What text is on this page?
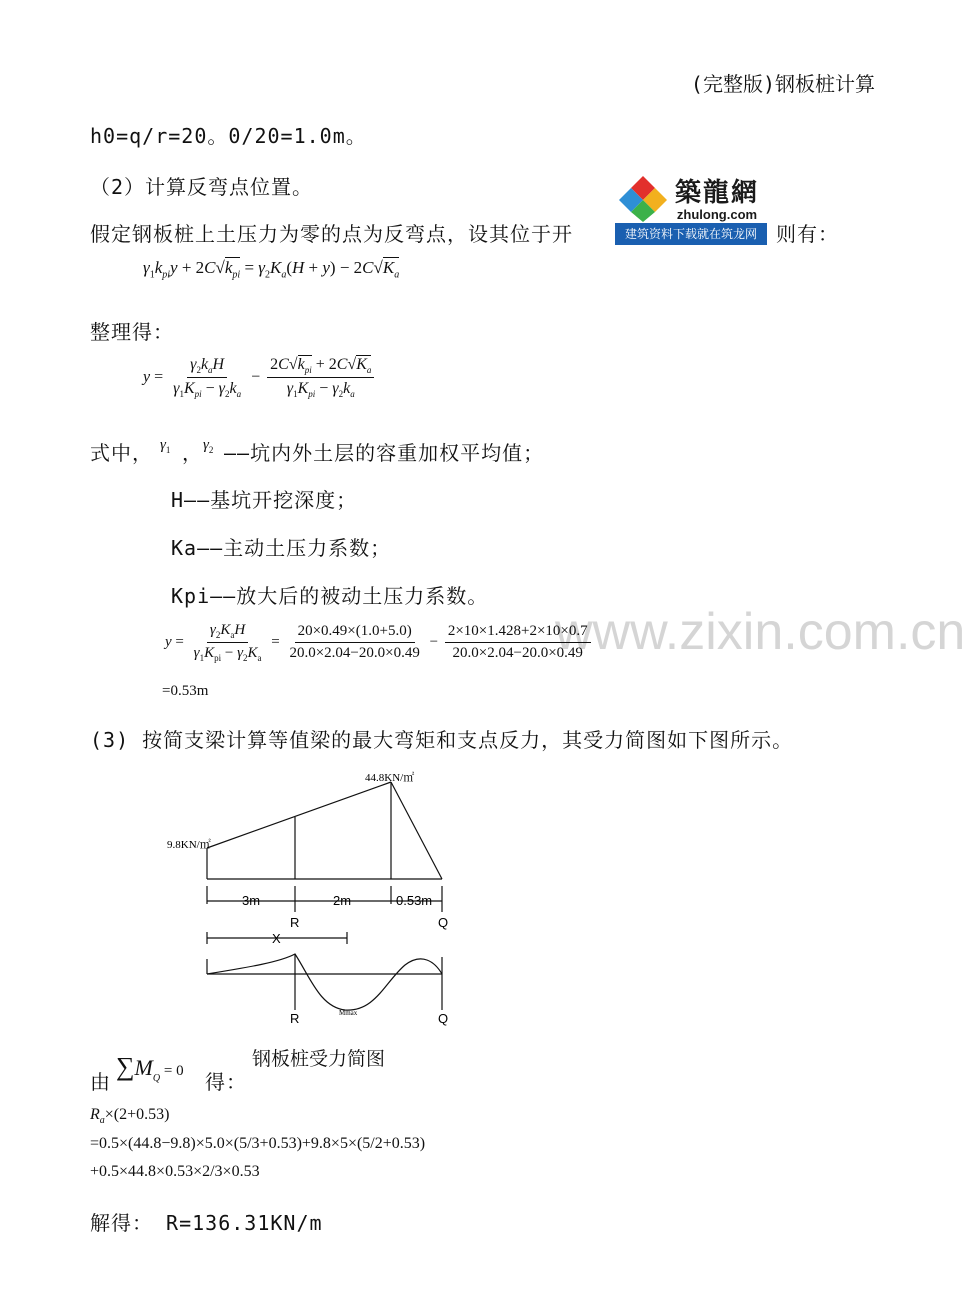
(完整版)钢板桩计算
www.zixin.com.cn
築龍網
zhulong.com
建筑资料下载就在筑龙网
h0=q/r=20。0/20=1.0m。
（2）计算反弯点位置。
假定钢板桩上土压力为零的点为反弯点，设其位于开	则有：
$\gamma_1k_{pi}y + 2C√k_{pi} = \gamma_2K_a(H + y) - 2C√K_a$
整理得：
$y = \frac{\gamma_2k_aH}{\gamma_1K_{pi} - \gamma_2k_a} - \frac{2C√k_{pi} + 2C√K_a}{\gamma_1K_{pi} - \gamma_2k_a}$
式中， $\gamma_1$ ， $\gamma_2$ ——坑内外土层的容重加权平均值；
H——基坑开挖深度；
Ka——主动土压力系数；
Kpi——放大后的被动土压力系数。
$y = \frac{\gamma_2K_aH}{\gamma_1K_{pi} - \gamma_2K_a} = \frac{20\times 0.49\times(1.0+5.0)}{20.0\times 2.04-20.0\times 0.49} - \frac{2\times 10\times 1.428+2\times 10\times 0.7}{20.0\times 2.04-20.0\times 0.49}$
=0.53m
(3) 按简支梁计算等值梁的最大弯矩和支点反力，其受力简图如下图所示。
9.8KN/㎡
44.8KN/㎡
3m	2m	0.53m
R	Q
X
R	Q
Mmax
钢板桩受力简图
由
$\sum M_Q = 0$ 得：
$R_a\times(2+0.53)$
=0.5×(44.8−9.8)×5.0×(5/3+0.53)+9.8×5×(5/2+0.53)
+0.5×44.8×0.53×2/3×0.53
解得： R=136.31KN/m
